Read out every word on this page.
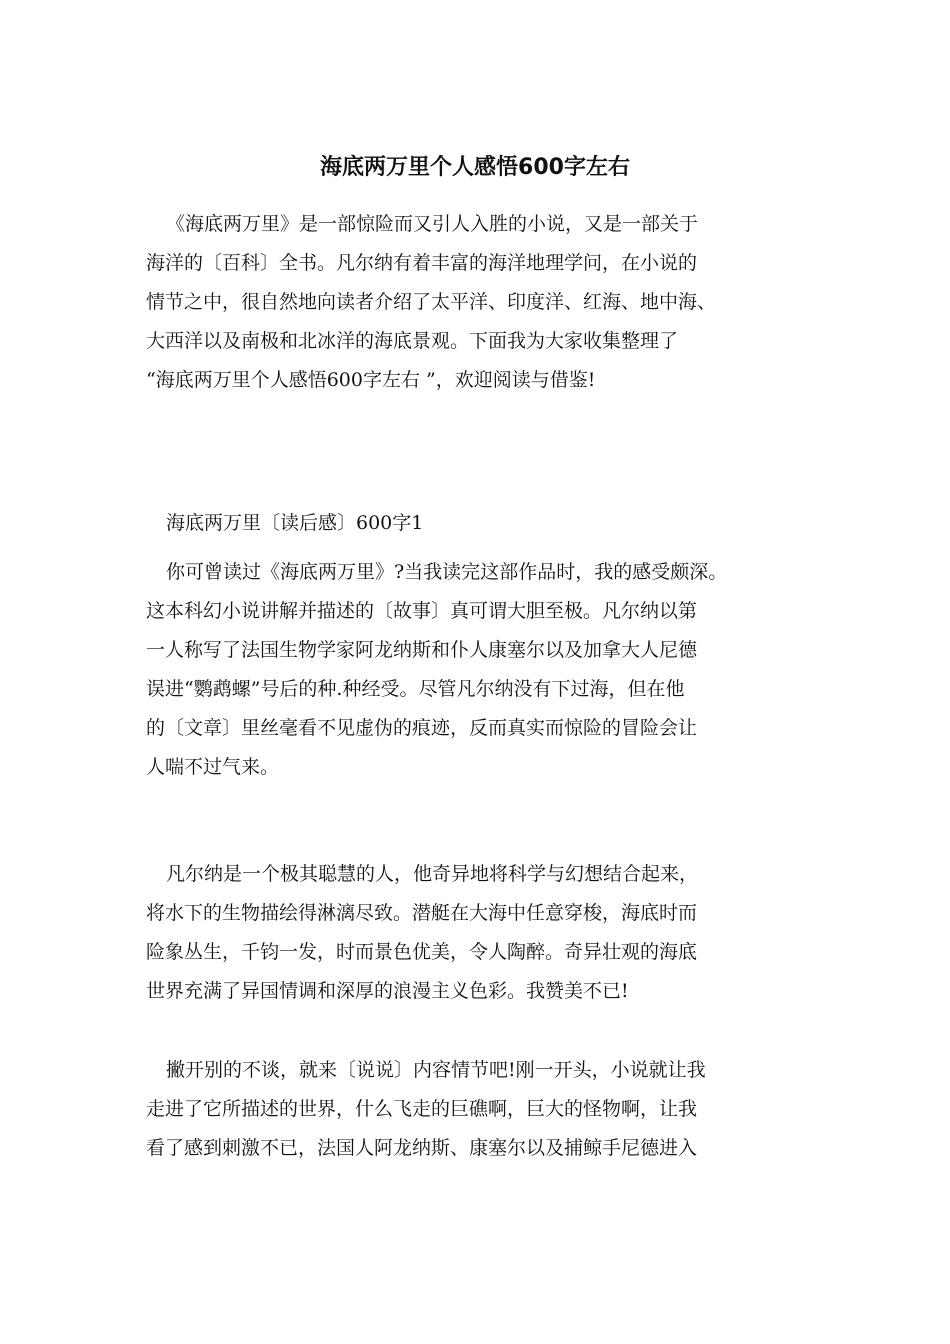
海底两万里个人感悟600字左右

《海底两万里》是一部惊险而又引人入胜的小说，又是一部关于
海洋的〔百科〕全书。凡尔纳有着丰富的海洋地理学问，在小说的
情节之中，很自然地向读者介绍了太平洋、印度洋、红海、地中海、
大西洋以及南极和北冰洋的海底景观。下面我为大家收集整理了
“海底两万里个人感悟600字左右 ”，欢迎阅读与借鉴!

海底两万里〔读后感〕600字1

你可曾读过《海底两万里》?当我读完这部作品时，我的感受颇深。
这本科幻小说讲解并描述的〔故事〕真可谓大胆至极。凡尔纳以第
一人称写了法国生物学家阿龙纳斯和仆人康塞尔以及加拿大人尼德
误进“鹦鹉螺”号后的种.种经受。尽管凡尔纳没有下过海，但在他
的〔文章〕里丝毫看不见虚伪的痕迹，反而真实而惊险的冒险会让
人喘不过气来。

凡尔纳是一个极其聪慧的人，他奇异地将科学与幻想结合起来，
将水下的生物描绘得淋漓尽致。潜艇在大海中任意穿梭，海底时而
险象丛生，千钧一发，时而景色优美，令人陶醉。奇异壮观的海底
世界充满了异国情调和深厚的浪漫主义色彩。我赞美不已!

撇开别的不谈，就来〔说说〕内容情节吧!刚一开头，小说就让我
走进了它所描述的世界，什么飞走的巨礁啊，巨大的怪物啊，让我
看了感到刺激不已，法国人阿龙纳斯、康塞尔以及捕鲸手尼德进入
